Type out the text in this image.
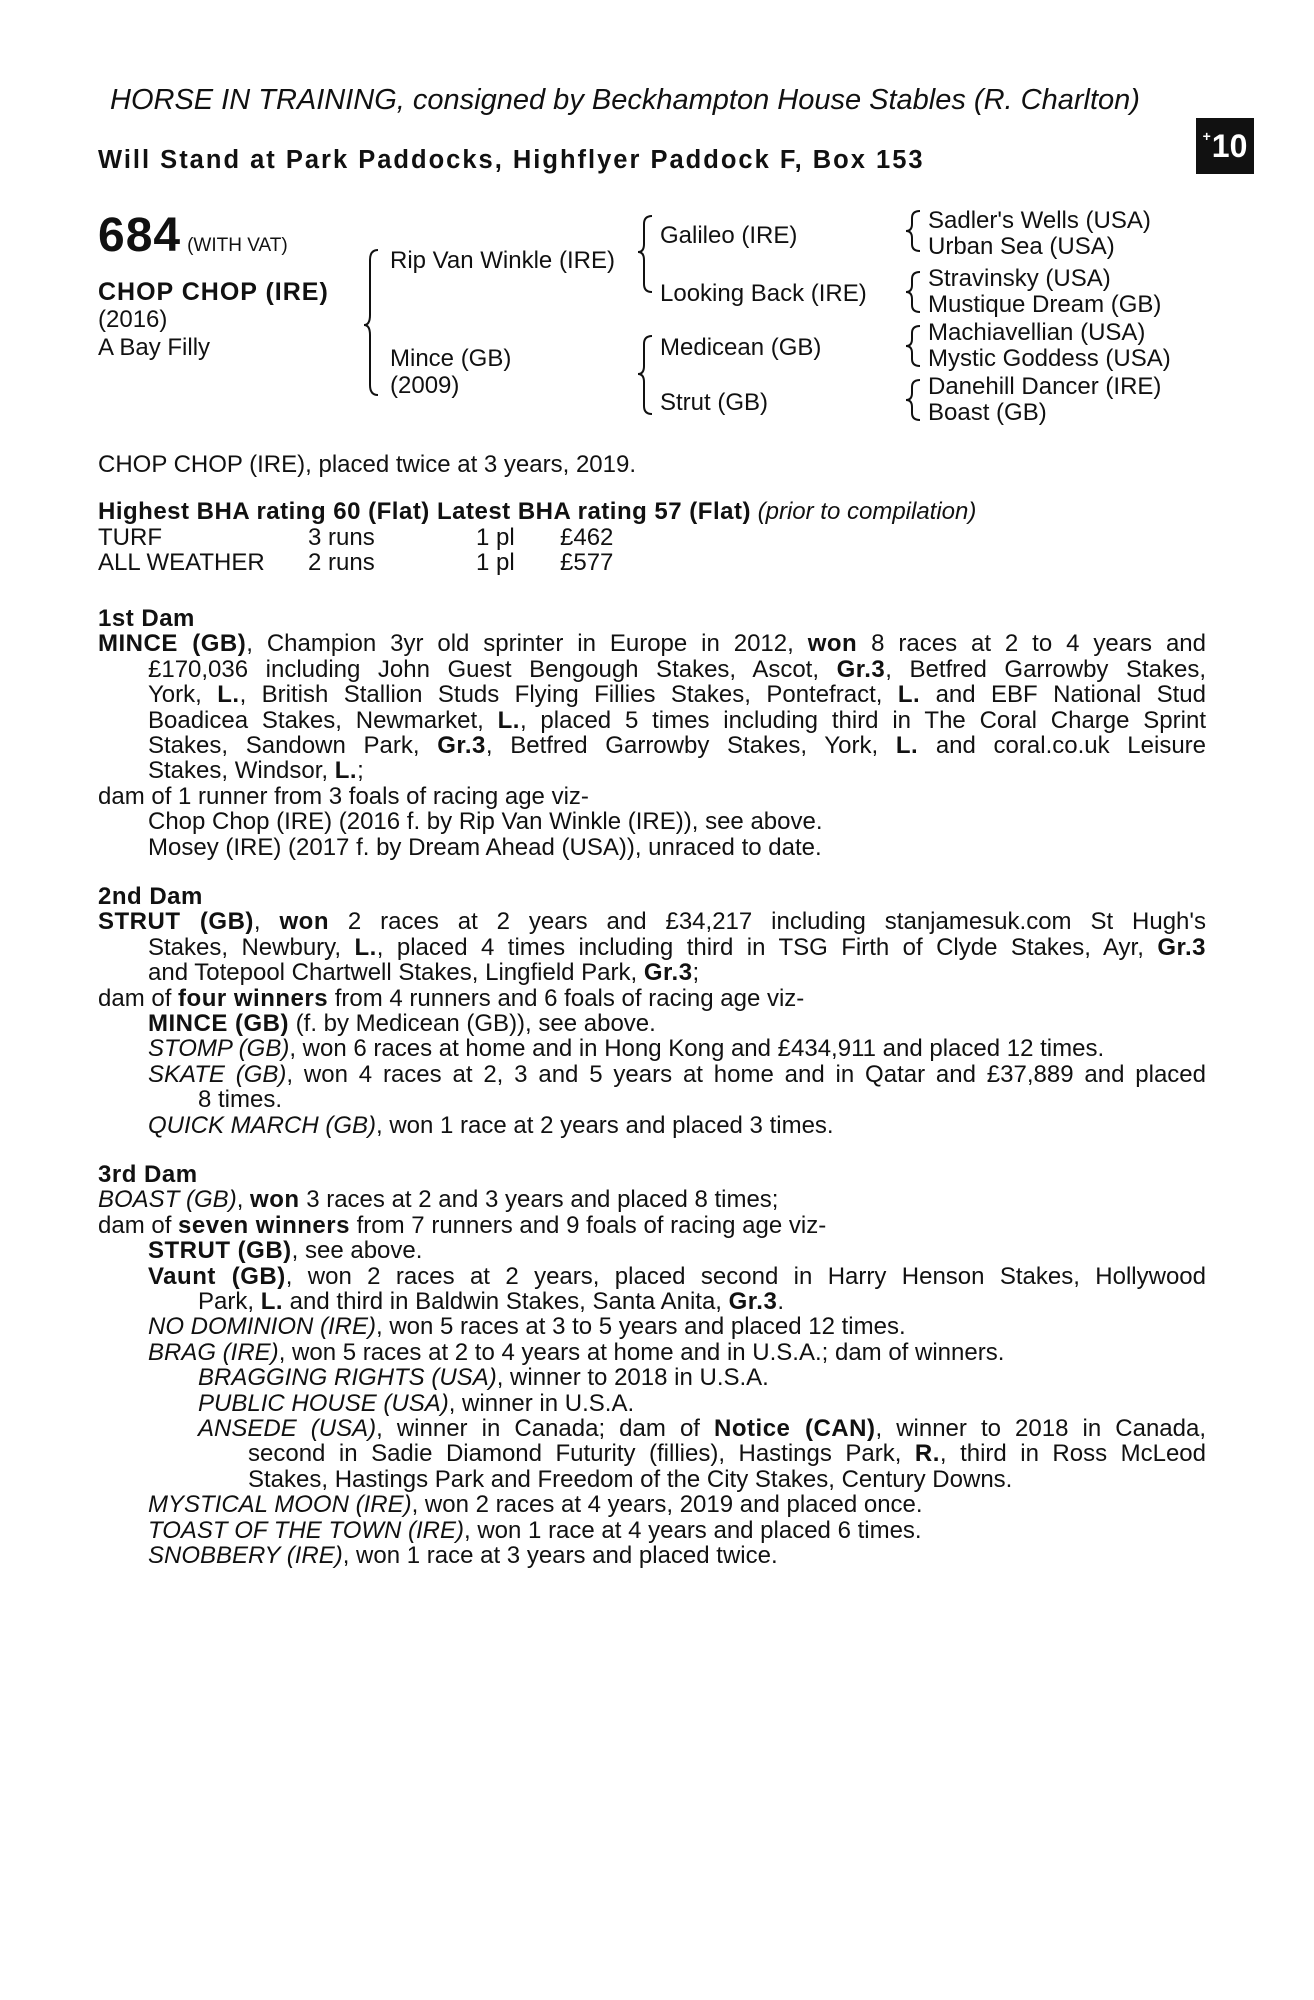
HORSE IN TRAINING, consigned by Beckhampton House Stables (R. Charlton)
Will Stand at Park Paddocks, Highflyer Paddock F, Box 153
+ 10
684 (WITH VAT)
CHOP CHOP (IRE)
(2016)
A Bay Filly
Rip Van Winkle (IRE)
Mince (GB)
(2009)
Galileo (IRE)
Looking Back (IRE)
Medicean (GB)
Strut (GB)
Sadler's Wells (USA)
Urban Sea (USA)
Stravinsky (USA)
Mustique Dream (GB)
Machiavellian (USA)
Mystic Goddess (USA)
Danehill Dancer (IRE)
Boast (GB)
CHOP CHOP (IRE), placed twice at 3 years, 2019.
Highest BHA rating 60 (Flat) Latest BHA rating 57 (Flat) (prior to compilation)
TURF	3 runs	1 pl £462
ALL WEATHER 2 runs	1 pl £577
1st Dam
MINCE (GB), Champion 3yr old sprinter in Europe in 2012, won 8 races at 2 to 4 years and
£170,036 including John Guest Bengough Stakes, Ascot, Gr.3, Betfred Garrowby Stakes,
York, L., British Stallion Studs Flying Fillies Stakes, Pontefract, L. and EBF National Stud
Boadicea Stakes, Newmarket, L., placed 5 times including third in The Coral Charge Sprint
Stakes, Sandown Park, Gr.3, Betfred Garrowby Stakes, York, L. and coral.co.uk Leisure
Stakes, Windsor, L.;
dam of 1 runner from 3 foals of racing age viz-
Chop Chop (IRE) (2016 f. by Rip Van Winkle (IRE)), see above.
Mosey (IRE) (2017 f. by Dream Ahead (USA)), unraced to date.
2nd Dam
STRUT (GB), won 2 races at 2 years and £34,217 including stanjamesuk.com St Hugh's
Stakes, Newbury, L., placed 4 times including third in TSG Firth of Clyde Stakes, Ayr, Gr.3
and Totepool Chartwell Stakes, Lingfield Park, Gr.3;
dam of four winners from 4 runners and 6 foals of racing age viz-
MINCE (GB) (f. by Medicean (GB)), see above.
STOMP (GB), won 6 races at home and in Hong Kong and £434,911 and placed 12 times.
SKATE (GB), won 4 races at 2, 3 and 5 years at home and in Qatar and £37,889 and placed
8 times.
QUICK MARCH (GB), won 1 race at 2 years and placed 3 times.
3rd Dam
BOAST (GB), won 3 races at 2 and 3 years and placed 8 times;
dam of seven winners from 7 runners and 9 foals of racing age viz-
STRUT (GB), see above.
Vaunt (GB), won 2 races at 2 years, placed second in Harry Henson Stakes, Hollywood
Park, L. and third in Baldwin Stakes, Santa Anita, Gr.3.
NO DOMINION (IRE), won 5 races at 3 to 5 years and placed 12 times.
BRAG (IRE), won 5 races at 2 to 4 years at home and in U.S.A.; dam of winners.
BRAGGING RIGHTS (USA), winner to 2018 in U.S.A.
PUBLIC HOUSE (USA), winner in U.S.A.
ANSEDE (USA), winner in Canada; dam of Notice (CAN), winner to 2018 in Canada,
second in Sadie Diamond Futurity (fillies), Hastings Park, R., third in Ross McLeod
Stakes, Hastings Park and Freedom of the City Stakes, Century Downs.
MYSTICAL MOON (IRE), won 2 races at 4 years, 2019 and placed once.
TOAST OF THE TOWN (IRE), won 1 race at 4 years and placed 6 times.
SNOBBERY (IRE), won 1 race at 3 years and placed twice.
